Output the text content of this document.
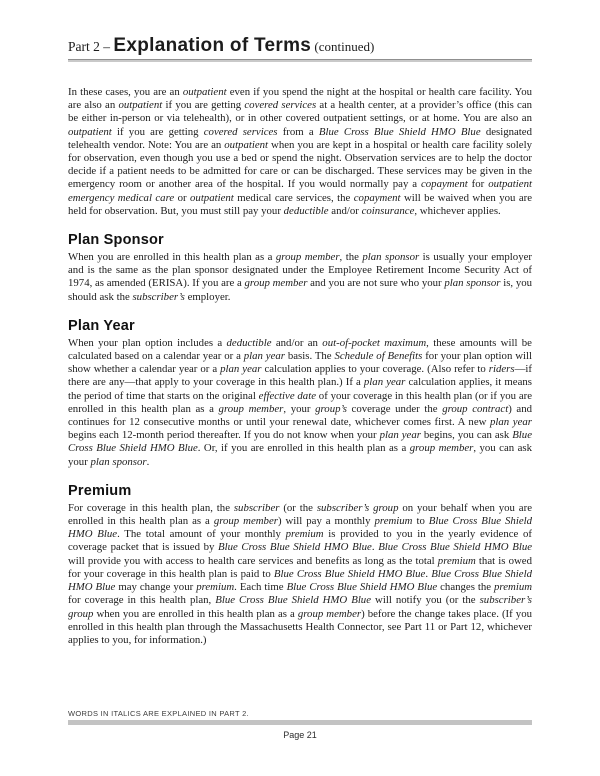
Part 2 – Explanation of Terms (continued)

In these cases, you are an outpatient even if you spend the night at the hospital or health care facility. You are also an outpatient if you are getting covered services at a health center, at a provider’s office (this can be either in-person or via telehealth), or in other covered outpatient settings, or at home. You are also an outpatient if you are getting covered services from a Blue Cross Blue Shield HMO Blue designated telehealth vendor. Note: You are an outpatient when you are kept in a hospital or health care facility solely for observation, even though you use a bed or spend the night. Observation services are to help the doctor decide if a patient needs to be admitted for care or can be discharged. These services may be given in the emergency room or another area of the hospital. If you would normally pay a copayment for outpatient emergency medical care or outpatient medical care services, the copayment will be waived when you are held for observation. But, you must still pay your deductible and/or coinsurance, whichever applies.

Plan Sponsor

When you are enrolled in this health plan as a group member, the plan sponsor is usually your employer and is the same as the plan sponsor designated under the Employee Retirement Income Security Act of 1974, as amended (ERISA). If you are a group member and you are not sure who your plan sponsor is, you should ask the subscriber’s employer.

Plan Year

When your plan option includes a deductible and/or an out-of-pocket maximum, these amounts will be calculated based on a calendar year or a plan year basis. The Schedule of Benefits for your plan option will show whether a calendar year or a plan year calculation applies to your coverage. (Also refer to riders—if there are any—that apply to your coverage in this health plan.) If a plan year calculation applies, it means the period of time that starts on the original effective date of your coverage in this health plan (or if you are enrolled in this health plan as a group member, your group’s coverage under the group contract) and continues for 12 consecutive months or until your renewal date, whichever comes first. A new plan year begins each 12-month period thereafter. If you do not know when your plan year begins, you can ask Blue Cross Blue Shield HMO Blue. Or, if you are enrolled in this health plan as a group member, you can ask your plan sponsor.

Premium

For coverage in this health plan, the subscriber (or the subscriber’s group on your behalf when you are enrolled in this health plan as a group member) will pay a monthly premium to Blue Cross Blue Shield HMO Blue. The total amount of your monthly premium is provided to you in the yearly evidence of coverage packet that is issued by Blue Cross Blue Shield HMO Blue. Blue Cross Blue Shield HMO Blue will provide you with access to health care services and benefits as long as the total premium that is owed for your coverage in this health plan is paid to Blue Cross Blue Shield HMO Blue. Blue Cross Blue Shield HMO Blue may change your premium. Each time Blue Cross Blue Shield HMO Blue changes the premium for coverage in this health plan, Blue Cross Blue Shield HMO Blue will notify you (or the subscriber’s group when you are enrolled in this health plan as a group member) before the change takes place. (If you enrolled in this health plan through the Massachusetts Health Connector, see Part 11 or Part 12, whichever applies to you, for information.)

WORDS IN ITALICS ARE EXPLAINED IN PART 2.
Page 21
